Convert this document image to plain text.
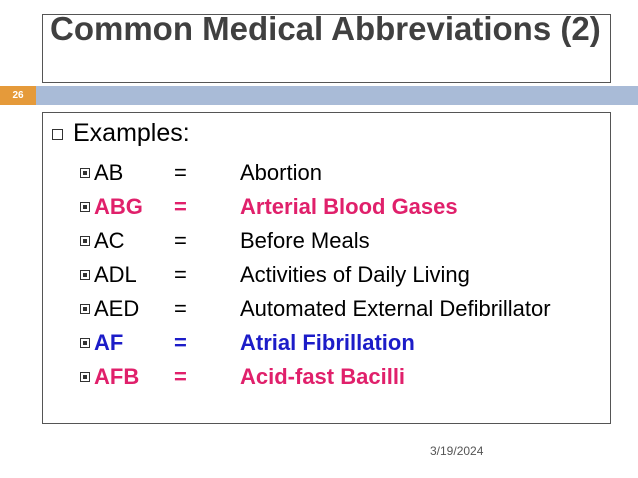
Common Medical Abbreviations (2)
26
Examples:
AB	=	Abortion
ABG	=	Arterial Blood Gases
AC	=	Before Meals
ADL	=	Activities of Daily Living
AED	=	Automated External Defibrillator
AF	=	Atrial Fibrillation
AFB	=	Acid-fast Bacilli
3/19/2024
